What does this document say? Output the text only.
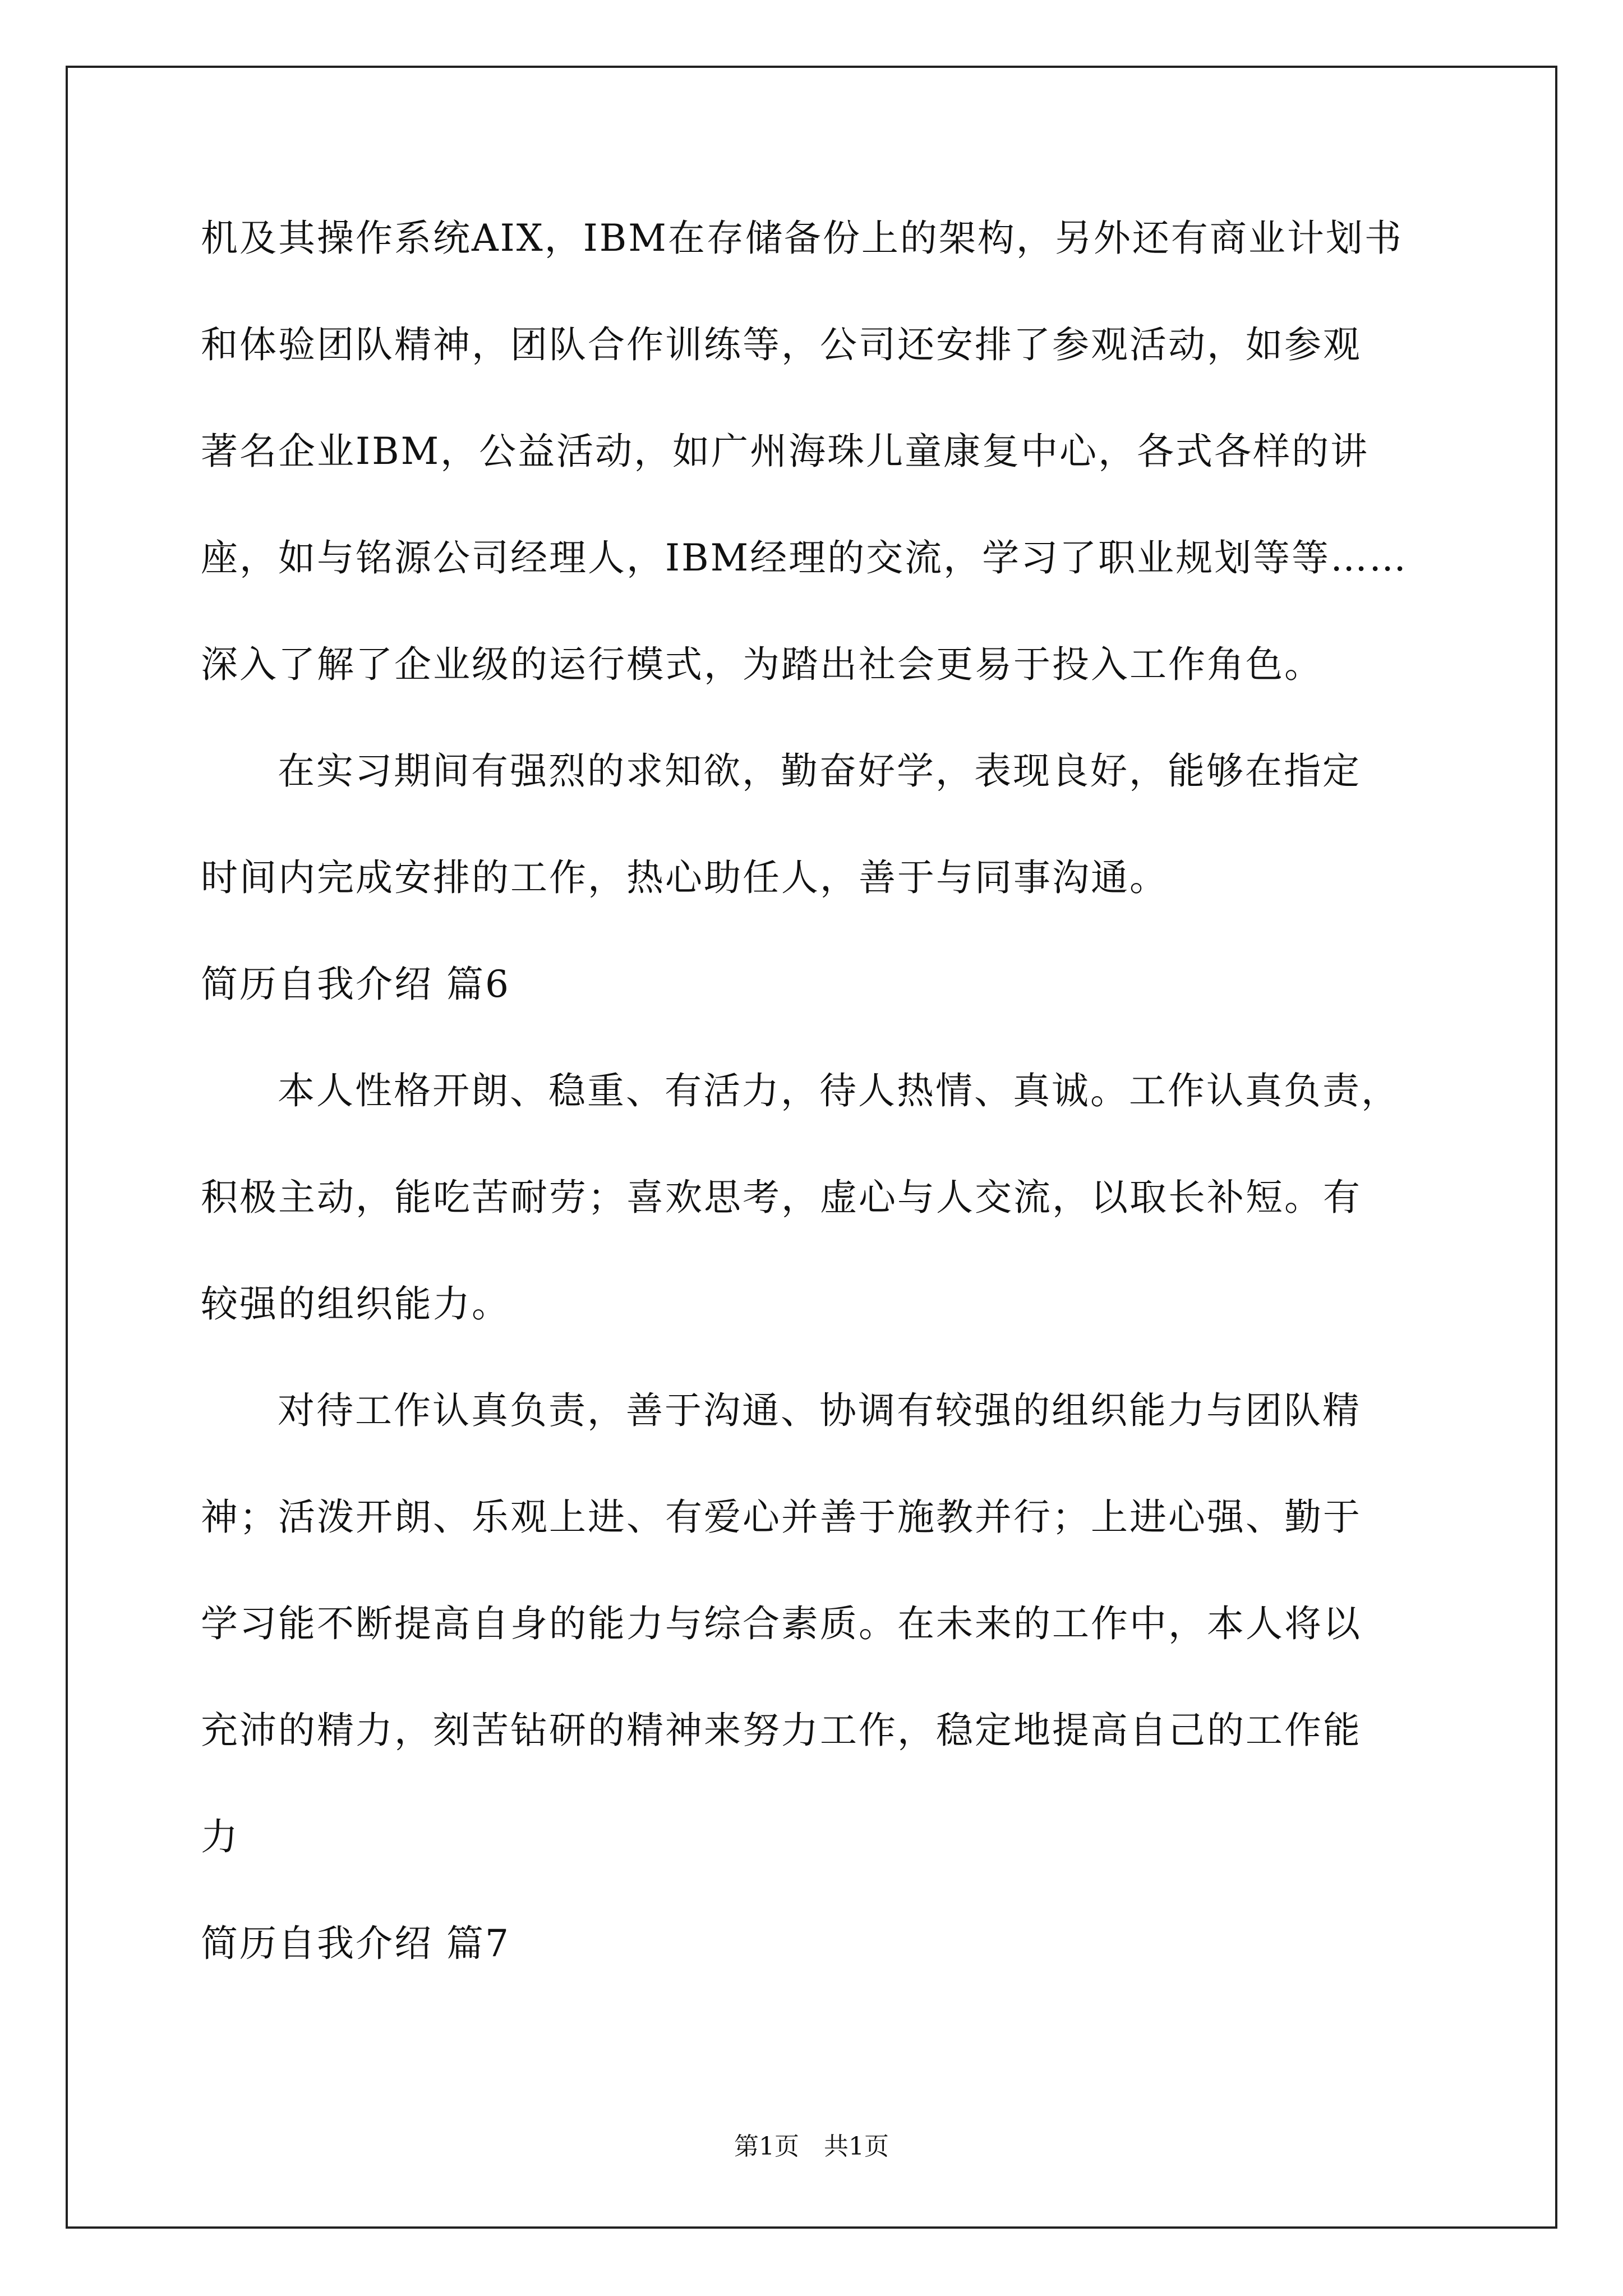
机及其操作系统AIX，IBM在存储备份上的架构，另外还有商业计划书
和体验团队精神，团队合作训练等，公司还安排了参观活动，如参观
著名企业IBM，公益活动，如广州海珠儿童康复中心，各式各样的讲
座，如与铭源公司经理人，IBM经理的交流，学习了职业规划等等……
深入了解了企业级的运行模式，为踏出社会更易于投入工作角色。
在实习期间有强烈的求知欲，勤奋好学，表现良好，能够在指定
时间内完成安排的工作，热心助任人，善于与同事沟通。
简历自我介绍 篇6
本人性格开朗、稳重、有活力，待人热情、真诚。工作认真负责，
积极主动，能吃苦耐劳；喜欢思考，虚心与人交流，以取长补短。有
较强的组织能力。
对待工作认真负责，善于沟通、协调有较强的组织能力与团队精
神；活泼开朗、乐观上进、有爱心并善于施教并行；上进心强、勤于
学习能不断提高自身的能力与综合素质。在未来的工作中，本人将以
充沛的精力，刻苦钻研的精神来努力工作，稳定地提高自己的工作能
力
简历自我介绍 篇7
第1页　共1页
